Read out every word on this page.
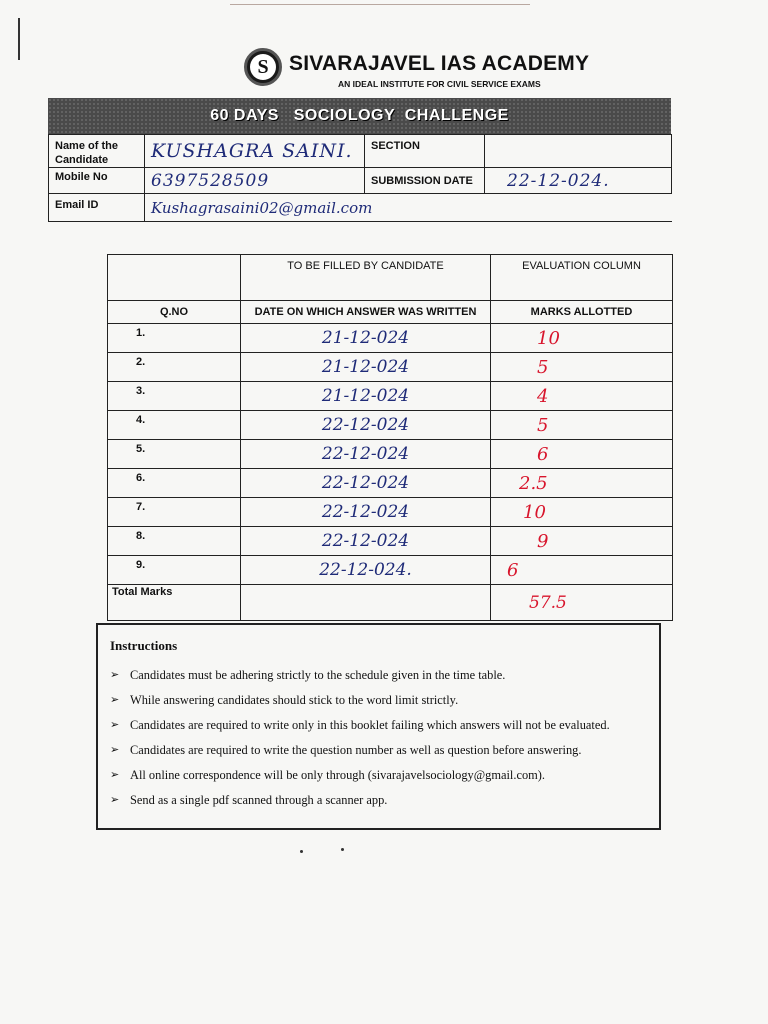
S SIVARAJAVEL IAS ACADEMY
AN IDEAL INSTITUTE FOR CIVIL SERVICE EXAMS
60 DAYS   SOCIOLOGY  CHALLENGE
Name of the Candidate	KUSHAGRA SAINI.	SECTION	
Mobile No	6397528509	SUBMISSION DATE	22-12-024.
Email ID	Kushagrasaini02@gmail.com		
	TO BE FILLED BY CANDIDATE	EVALUATION COLUMN
Q.NO	DATE ON WHICH ANSWER WAS WRITTEN	MARKS ALLOTTED
1.	21-12-024	10
2.	21-12-024	5
3.	21-12-024	4
4.	22-12-024	5
5.	22-12-024	6
6.	22-12-024	2.5
7.	22-12-024	10
8.	22-12-024	9
9.	22-12-024.	6
Total Marks		57.5
Instructions
➢ Candidates must be adhering strictly to the schedule given in the time table.
➢ While answering candidates should stick to the word limit strictly.
➢ Candidates are required to write only in this booklet failing which answers will not be evaluated.
➢ Candidates are required to write the question number as well as question before answering.
➢ All online correspondence will be only through (sivarajavelsociology@gmail.com).
➢ Send as a single pdf scanned through a scanner app.
